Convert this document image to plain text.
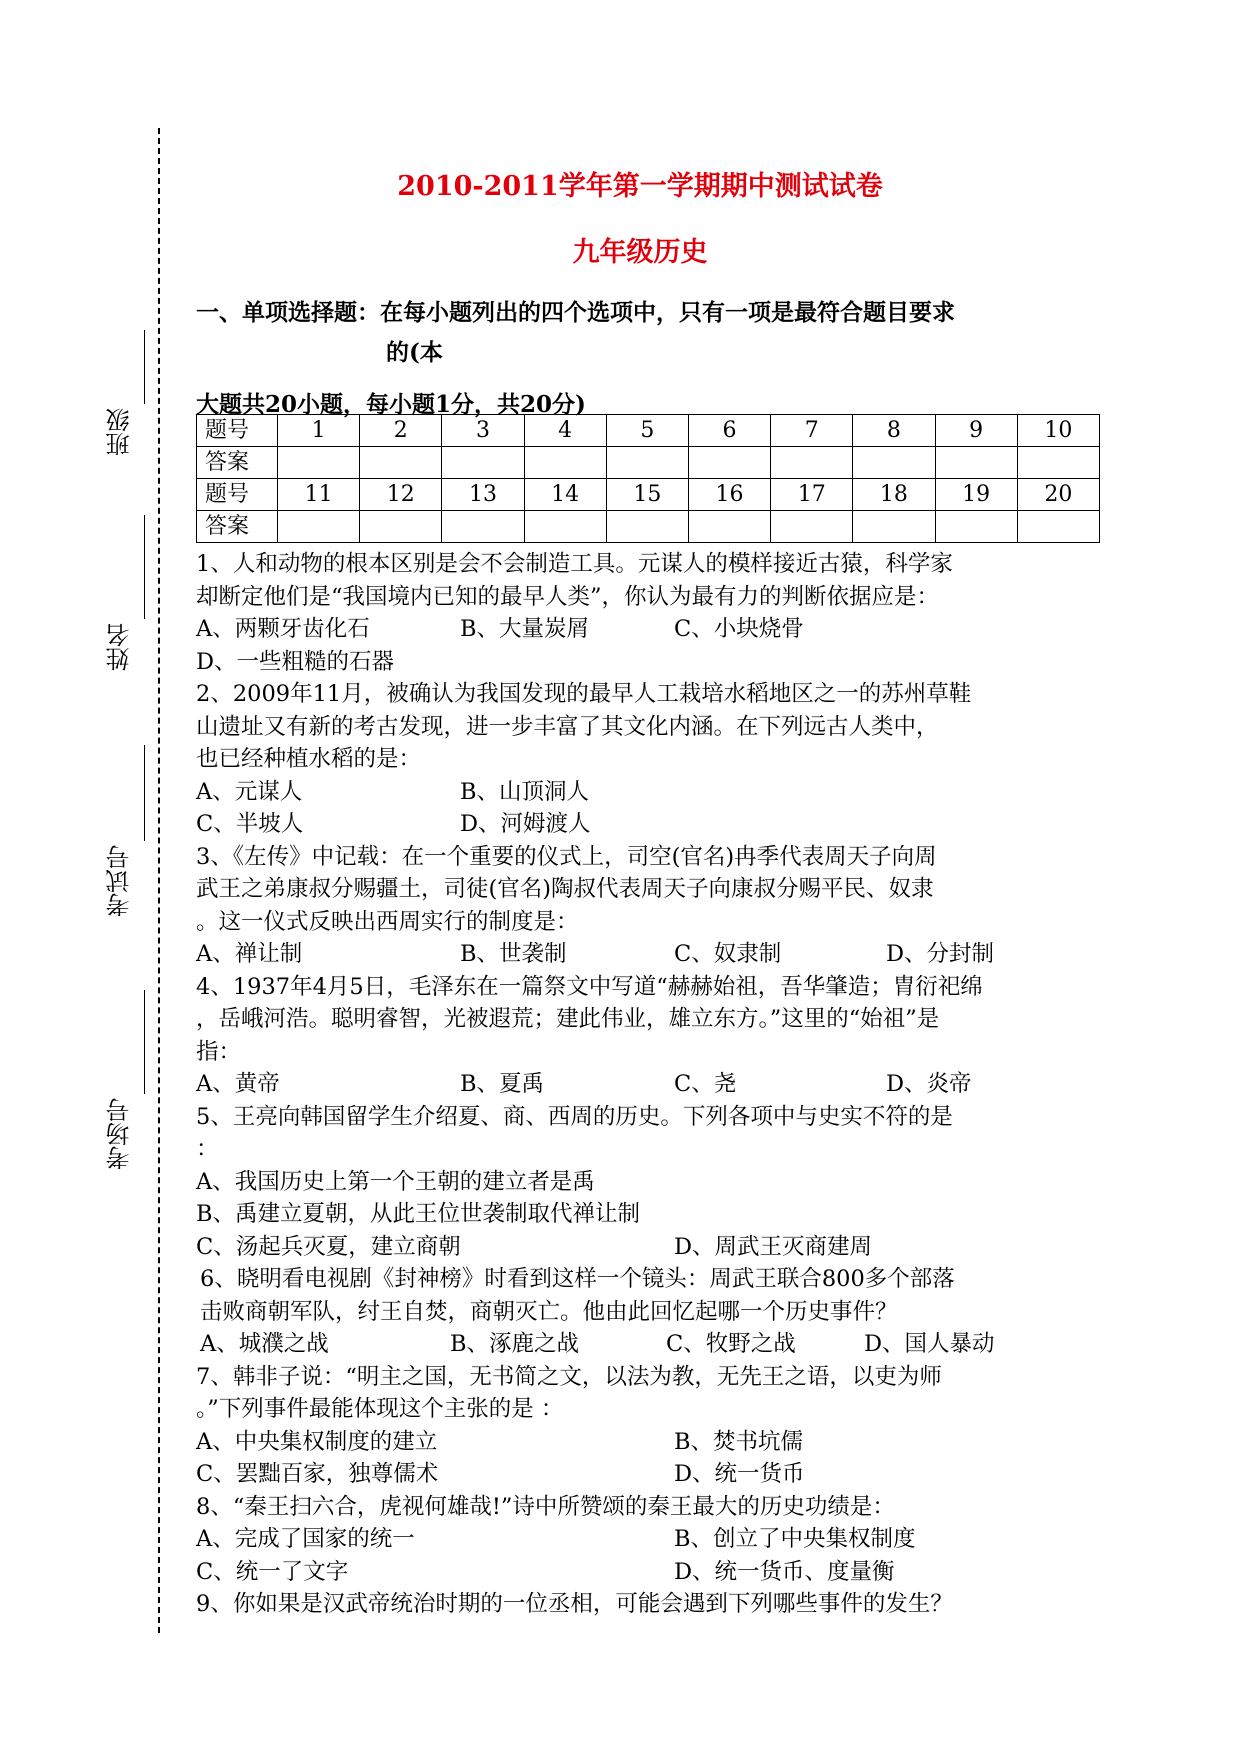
班级
姓名
考试号
考场号
2010-2011学年第一学期期中测试试卷
九年级历史
一、单项选择题：在每小题列出的四个选项中，只有一项是最符合题目要求
的(本
大题共20小题，每小题1分，共20分)
题号	1	2	3	4	5	6	7	8	9	10
答案										
题号	11	12	13	14	15	16	17	18	19	20
答案										
1、人和动物的根本区别是会不会制造工具。元谋人的模样接近古猿，科学家
却断定他们是“我国境内已知的最早人类”，你认为最有力的判断依据应是：
A、两颗牙齿化石	B、大量炭屑	C、小块烧骨
D、一些粗糙的石器
2、2009年11月，被确认为我国发现的最早人工栽培水稻地区之一的苏州草鞋
山遗址又有新的考古发现，进一步丰富了其文化内涵。在下列远古人类中，
也已经种植水稻的是：
A、元谋人	B、山顶洞人
C、半坡人	D、河姆渡人
3、《左传》中记载：在一个重要的仪式上，司空(官名)冉季代表周天子向周
武王之弟康叔分赐疆土，司徒(官名)陶叔代表周天子向康叔分赐平民、奴隶
。这一仪式反映出西周实行的制度是：
A、禅让制	B、世袭制	C、奴隶制	D、分封制
4、1937年4月5日，毛泽东在一篇祭文中写道“赫赫始祖，吾华肇造；胄衍祀绵
，岳峨河浩。聪明睿智，光被遐荒；建此伟业，雄立东方。”这里的“始祖”是
指：
A、黄帝	B、夏禹	C、尧	D、炎帝
5、王亮向韩国留学生介绍夏、商、西周的历史。下列各项中与史实不符的是
：
A、我国历史上第一个王朝的建立者是禹
B、禹建立夏朝，从此王位世袭制取代禅让制
C、汤起兵灭夏，建立商朝	D、周武王灭商建周
6、晓明看电视剧《封神榜》时看到这样一个镜头：周武王联合800多个部落
击败商朝军队，纣王自焚，商朝灭亡。他由此回忆起哪一个历史事件？
A、城濮之战	B、涿鹿之战	C、牧野之战	D、国人暴动
7、韩非子说：“明主之国，无书简之文，以法为教，无先王之语，以吏为师
。”下列事件最能体现这个主张的是 ：
A、中央集权制度的建立	B、焚书坑儒
C、罢黜百家，独尊儒术	D、统一货币
8、“秦王扫六合，虎视何雄哉!”诗中所赞颂的秦王最大的历史功绩是：
A、完成了国家的统一	B、创立了中央集权制度
C、统一了文字	D、统一货币、度量衡
9、你如果是汉武帝统治时期的一位丞相，可能会遇到下列哪些事件的发生？
